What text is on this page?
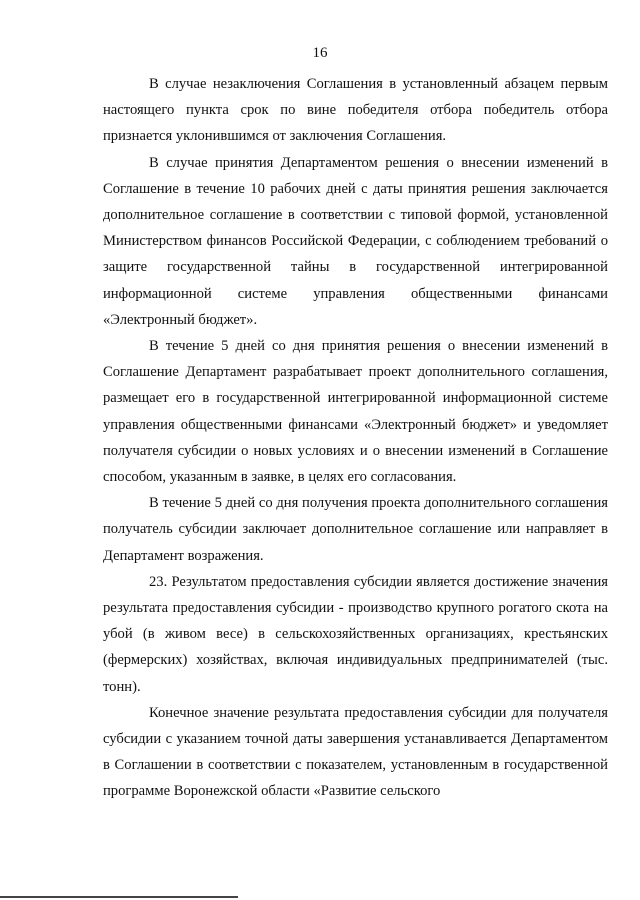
16

В случае незаключения Соглашения в установленный абзацем первым настоящего пункта срок по вине победителя отбора победитель отбора признается уклонившимся от заключения Соглашения.

В случае принятия Департаментом решения о внесении изменений в Соглашение в течение 10 рабочих дней с даты принятия решения заключается дополнительное соглашение в соответствии с типовой формой, установленной Министерством финансов Российской Федерации, с соблюдением требований о защите государственной тайны в государственной интегрированной информационной системе управления общественными финансами «Электронный бюджет».

В течение 5 дней со дня принятия решения о внесении изменений в Соглашение Департамент разрабатывает проект дополнительного соглашения, размещает его в государственной интегрированной информационной системе управления общественными финансами «Электронный бюджет» и уведомляет получателя субсидии о новых условиях и о внесении изменений в Соглашение способом, указанным в заявке, в целях его согласования.

В течение 5 дней со дня получения проекта дополнительного соглашения получатель субсидии заключает дополнительное соглашение или направляет в Департамент возражения.

23. Результатом предоставления субсидии является достижение значения результата предоставления субсидии - производство крупного рогатого скота на убой (в живом весе) в сельскохозяйственных организациях, крестьянских (фермерских) хозяйствах, включая индивидуальных предпринимателей (тыс. тонн).

Конечное значение результата предоставления субсидии для получателя субсидии с указанием точной даты завершения устанавливается Департаментом в Соглашении в соответствии с показателем, установленным в государственной программе Воронежской области «Развитие сельского
